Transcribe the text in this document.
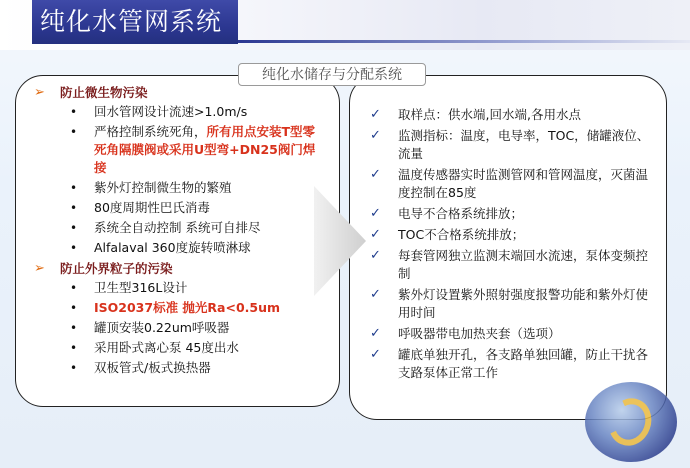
纯化水管网系统
纯化水储存与分配系统
➢ 防止微生物污染
• 回水管网设计流速>1.0m/s
• 严格控制系统死角，所有用点安装T型零死角隔膜阀或采用U型弯+DN25阀门焊接
• 紫外灯控制微生物的繁殖
• 80度周期性巴氏消毒
• 系统全自动控制 系统可自排尽
• Alfalaval 360度旋转喷淋球
➢ 防止外界粒子的污染
• 卫生型316L设计
• ISO2037标准 抛光Ra<0.5um
• 罐顶安装0.22um呼吸器
• 采用卧式离心泵 45度出水
• 双板管式/板式换热器
✓ 取样点：供水端,回水端,各用水点
✓ 监测指标：温度，电导率，TOC，储罐液位、流量
✓ 温度传感器实时监测管网和管网温度，灭菌温度控制在85度
✓ 电导不合格系统排放；
✓ TOC不合格系统排放；
✓ 每套管网独立监测末端回水流速，泵体变频控制
✓ 紫外灯设置紫外照射强度报警功能和紫外灯使用时间
✓ 呼吸器带电加热夹套（选项）
✓ 罐底单独开孔，各支路单独回罐，防止干扰各支路泵体正常工作
